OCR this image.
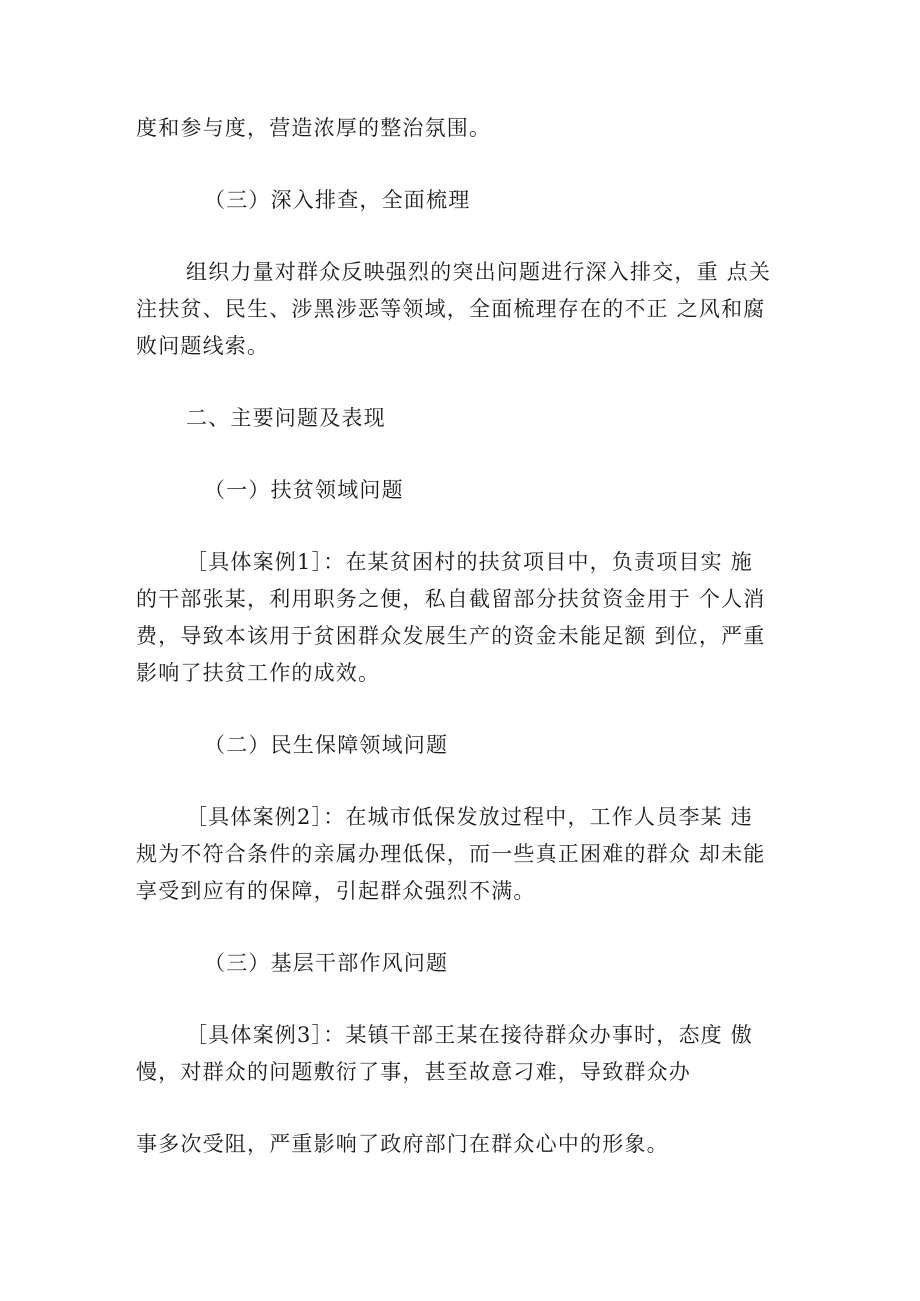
度和参与度，营造浓厚的整治氛围。
（三）深入排查，全面梳理
组织力量对群众反映强烈的突出问题进行深入排交，重 点关
注扶贫、民生、涉黑涉恶等领域，全面梳理存在的不正 之风和腐
败问题线索。
二、主要问题及表现
（一）扶贫领域问题
［具体案例1］：在某贫困村的扶贫项目中，负责项目实 施
的干部张某，利用职务之便，私自截留部分扶贫资金用于 个人消
费，导致本该用于贫困群众发展生产的资金未能足额 到位，严重
影响了扶贫工作的成效。
（二）民生保障领域问题
［具体案例2］：在城市低保发放过程中，工作人员李某 违
规为不符合条件的亲属办理低保，而一些真正困难的群众 却未能
享受到应有的保障，引起群众强烈不满。
（三）基层干部作风问题
［具体案例3］：某镇干部王某在接待群众办事时，态度 傲
慢，对群众的问题敷衍了事，甚至故意刁难，导致群众办
事多次受阻，严重影响了政府部门在群众心中的形象。
